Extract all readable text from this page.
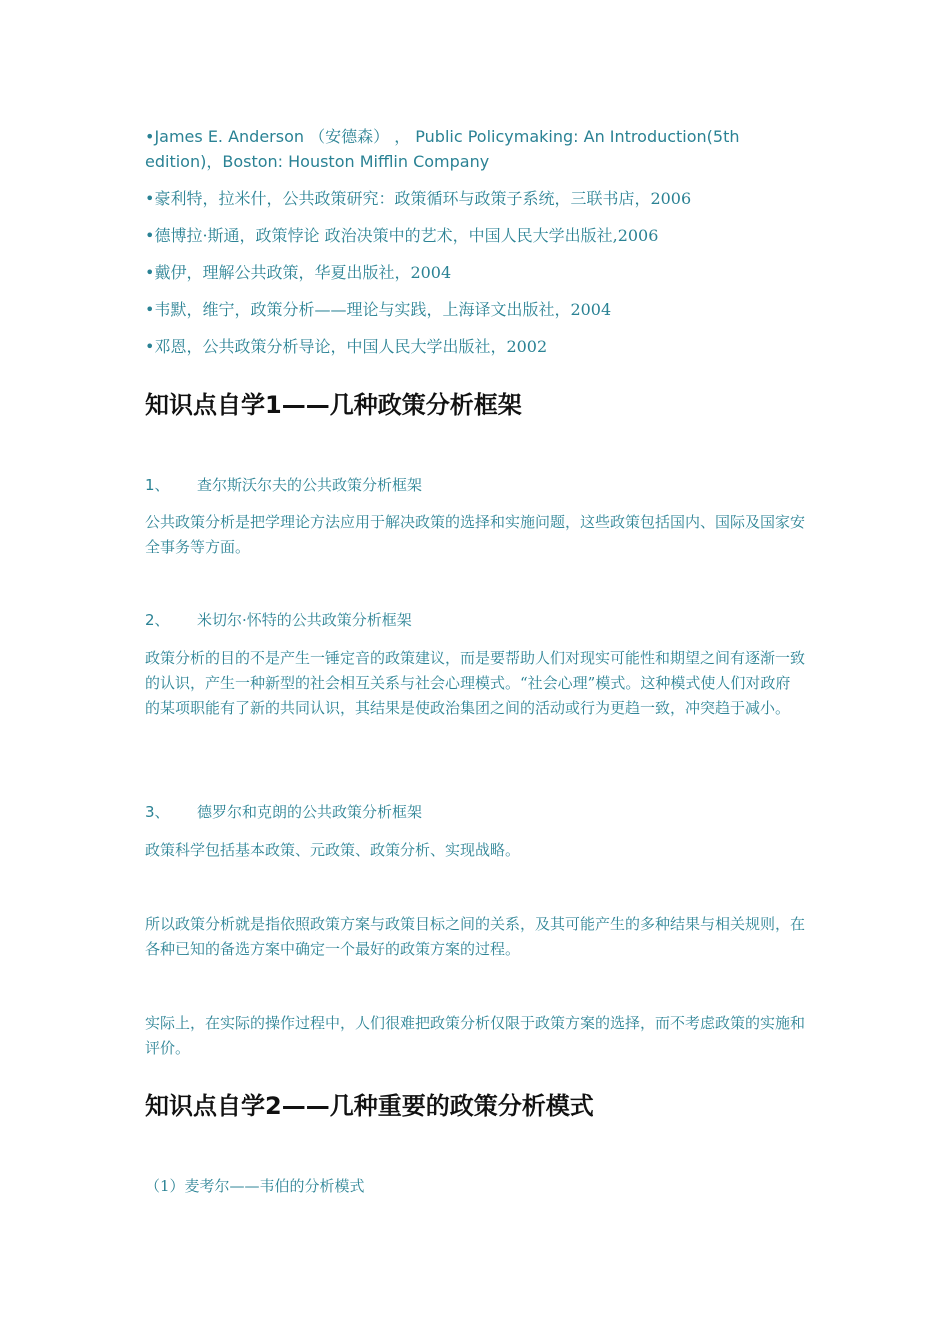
•James E. Anderson （安德森） ， Public Policymaking: An Introduction(5th edition)，Boston: Houston Mifflin Company
•豪利特，拉米什，公共政策研究：政策循环与政策子系统，三联书店，2006
•德博拉·斯通，政策悖论 政治决策中的艺术，中国人民大学出版社,2006
•戴伊，理解公共政策，华夏出版社，2004
•韦默，维宁，政策分析——理论与实践，上海译文出版社，2004
•邓恩，公共政策分析导论，中国人民大学出版社，2002
知识点自学1——几种政策分析框架
1、 查尔斯沃尔夫的公共政策分析框架
公共政策分析是把学理论方法应用于解决政策的选择和实施问题，这些政策包括国内、国际及国家安全事务等方面。
2、 米切尔·怀特的公共政策分析框架
政策分析的目的不是产生一锤定音的政策建议，而是要帮助人们对现实可能性和期望之间有逐渐一致的认识，产生一种新型的社会相互关系与社会心理模式。“社会心理”模式。这种模式使人们对政府的某项职能有了新的共同认识，其结果是使政治集团之间的活动或行为更趋一致，冲突趋于减小。
3、 德罗尔和克朗的公共政策分析框架
政策科学包括基本政策、元政策、政策分析、实现战略。
所以政策分析就是指依照政策方案与政策目标之间的关系，及其可能产生的多种结果与相关规则，在各种已知的备选方案中确定一个最好的政策方案的过程。
实际上，在实际的操作过程中，人们很难把政策分析仅限于政策方案的选择，而不考虑政策的实施和评价。
知识点自学2——几种重要的政策分析模式
（1）麦考尔——韦伯的分析模式
